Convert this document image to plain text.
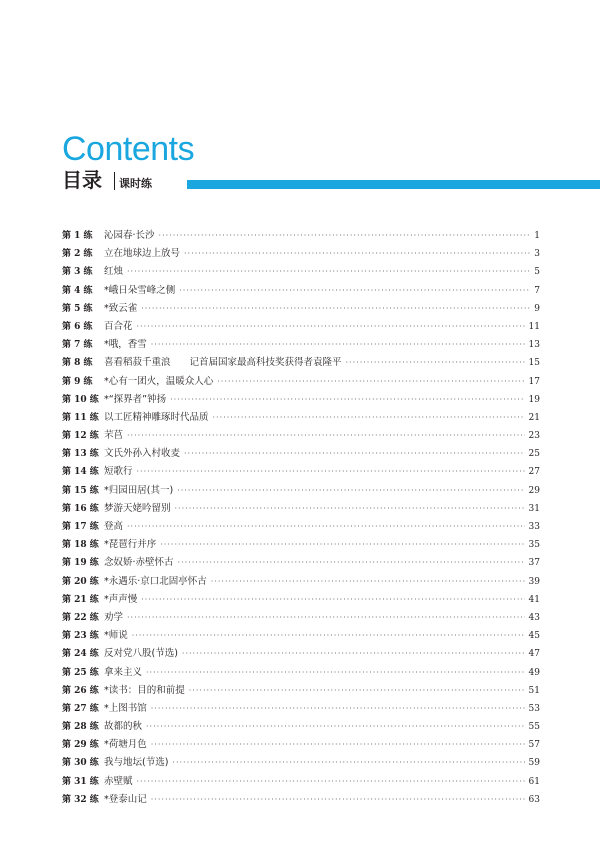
Contents
目录 课时练
第 1 练	沁园春·长沙 ·····	1
第 2 练	立在地球边上放号 ·····	3
第 3 练	红烛 ·····	5
第 4 练	*峨日朵雪峰之侧 ·····	7
第 5 练	*致云雀 ·····	9
第 6 练	百合花 ·····	11
第 7 练	*哦，香雪 ·····	13
第 8 练	喜看稻菽千重浪　　记首届国家最高科技奖获得者袁隆平 ·····	15
第 9 练	*心有一团火，温暖众人心 ·····	17
第 10 练 *“探界者”钟扬 ·····	19
第 11 练 以工匠精神雕琢时代品质 ·····	21
第 12 练 芣苢 ·····	23
第 13 练 文氏外孙入村收麦 ·····	25
第 14 练 短歌行 ·····	27
第 15 练 *归园田居(其一) ·····	29
第 16 练 梦游天姥吟留别 ·····	31
第 17 练 登高 ·····	33
第 18 练 *琵琶行并序 ·····	35
第 19 练 念奴娇·赤壁怀古 ·····	37
第 20 练 *永遇乐·京口北固亭怀古 ·····	39
第 21 练 *声声慢 ·····	41
第 22 练 劝学 ·····	43
第 23 练 *师说 ·····	45
第 24 练 反对党八股(节选) ·····	47
第 25 练 拿来主义 ·····	49
第 26 练 *读书：目的和前提 ·····	51
第 27 练 *上图书馆 ·····	53
第 28 练 故都的秋 ·····	55
第 29 练 *荷塘月色 ·····	57
第 30 练 我与地坛(节选) ·····	59
第 31 练 赤壁赋 ·····	61
第 32 练 *登泰山记 ·····	63
